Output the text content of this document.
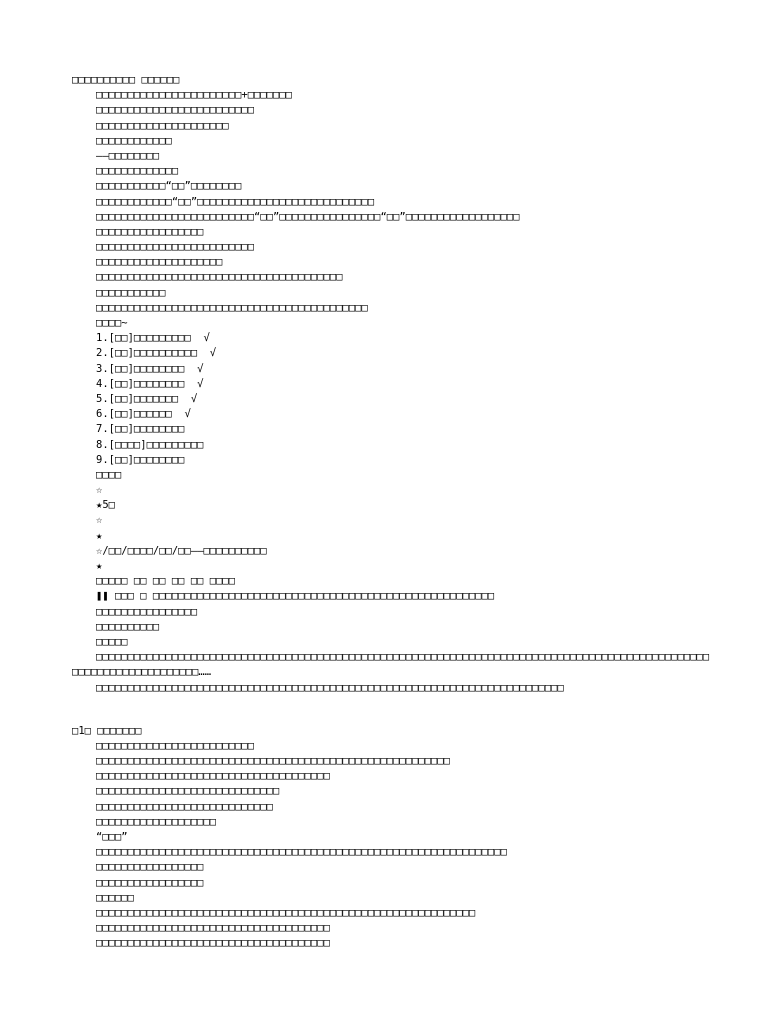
□□□□□□□□□□ □□□□□□
□□□□□□□□□□□□□□□□□□□□□□□+□□□□□□□
□□□□□□□□□□□□□□□□□□□□□□□□□
□□□□□□□□□□□□□□□□□□□□□
□□□□□□□□□□□□
——□□□□□□□□
□□□□□□□□□□□□□
□□□□□□□□□□□“□□”□□□□□□□□
□□□□□□□□□□□□“□□”□□□□□□□□□□□□□□□□□□□□□□□□□□□□
□□□□□□□□□□□□□□□□□□□□□□□□□“□□”□□□□□□□□□□□□□□□□“□□”□□□□□□□□□□□□□□□□□□
□□□□□□□□□□□□□□□□□
□□□□□□□□□□□□□□□□□□□□□□□□□
□□□□□□□□□□□□□□□□□□□□
□□□□□□□□□□□□□□□□□□□□□□□□□□□□□□□□□□□□□□□
□□□□□□□□□□□
□□□□□□□□□□□□□□□□□□□□□□□□□□□□□□□□□□□□□□□□□□□
□□□□~
1.[□□]□□□□□□□□□  √
2.[□□]□□□□□□□□□□  √
3.[□□]□□□□□□□□  √
4.[□□]□□□□□□□□  √
5.[□□]□□□□□□□  √
6.[□□]□□□□□□  √
7.[□□]□□□□□□□□
8.[□□□□]□□□□□□□□□
9.[□□]□□□□□□□□
□□□□
☆
★5□
☆
★
☆/□□/□□□□/□□/□□——□□□□□□□□□□
★
□□□□□ □□ □□ □□ □□ □□□□
❚❚ □□□ □ □□□□□□□□□□□□□□□□□□□□□□□□□□□□□□□□□□□□□□□□□□□□□□□□□□□□□□
□□□□□□□□□□□□□□□□
□□□□□□□□□□
□□□□□
□□□□□□□□□□□□□□□□□□□□□□□□□□□□□□□□□□□□□□□□□□□□□□□□□□□□□□□□□□□□□□□□□□□□□□□□□□□□□□□□□□□□□□□□□□□□□□□□□□□□□□□□□□□□□□□□□□□□□……
□□□□□□□□□□□□□□□□□□□□□□□□□□□□□□□□□□□□□□□□□□□□□□□□□□□□□□□□□□□□□□□□□□□□□□□□□□
□1□ □□□□□□□
□□□□□□□□□□□□□□□□□□□□□□□□□
□□□□□□□□□□□□□□□□□□□□□□□□□□□□□□□□□□□□□□□□□□□□□□□□□□□□□□□□
□□□□□□□□□□□□□□□□□□□□□□□□□□□□□□□□□□□□□
□□□□□□□□□□□□□□□□□□□□□□□□□□□□□
□□□□□□□□□□□□□□□□□□□□□□□□□□□□
□□□□□□□□□□□□□□□□□□□
“□□□”
□□□□□□□□□□□□□□□□□□□□□□□□□□□□□□□□□□□□□□□□□□□□□□□□□□□□□□□□□□□□□□□□□
□□□□□□□□□□□□□□□□□
□□□□□□□□□□□□□□□□□
□□□□□□
□□□□□□□□□□□□□□□□□□□□□□□□□□□□□□□□□□□□□□□□□□□□□□□□□□□□□□□□□□□□
□□□□□□□□□□□□□□□□□□□□□□□□□□□□□□□□□□□□□
□□□□□□□□□□□□□□□□□□□□□□□□□□□□□□□□□□□□□
